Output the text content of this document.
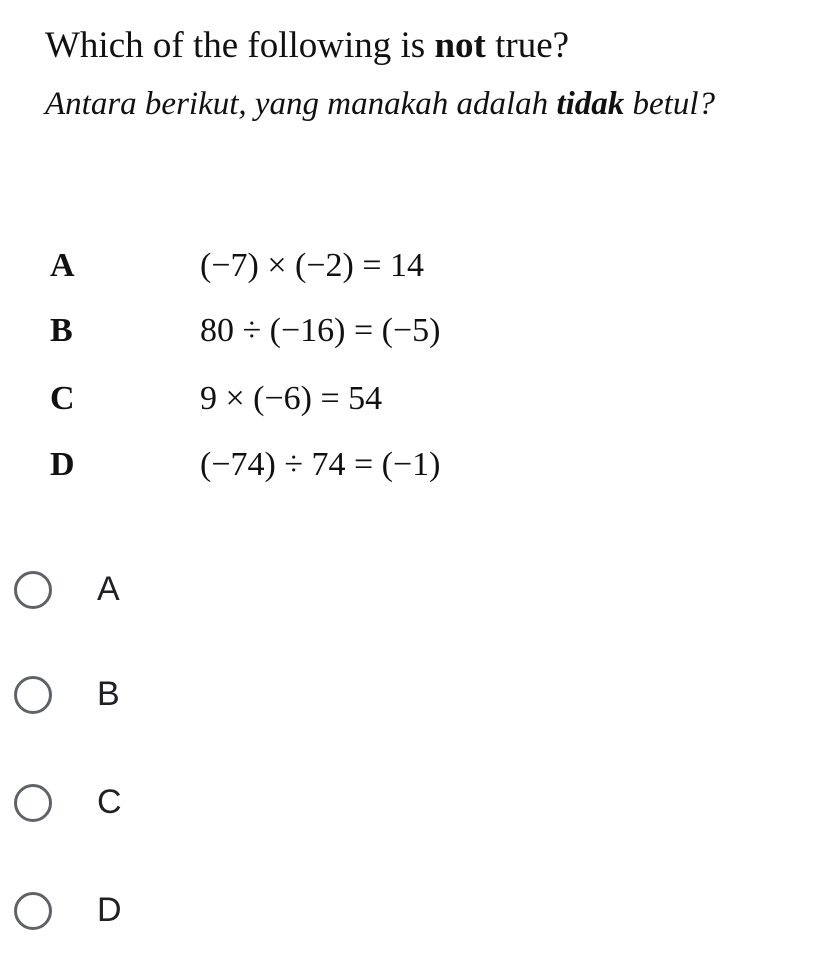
Which of the following is not true?
Antara berikut, yang manakah adalah tidak betul?
A	(−7) × (−2) = 14
B	80 ÷ (−16) = (−5)
C	9 × (−6) = 54
D	(−74) ÷ 74 = (−1)
A
B
C
D
